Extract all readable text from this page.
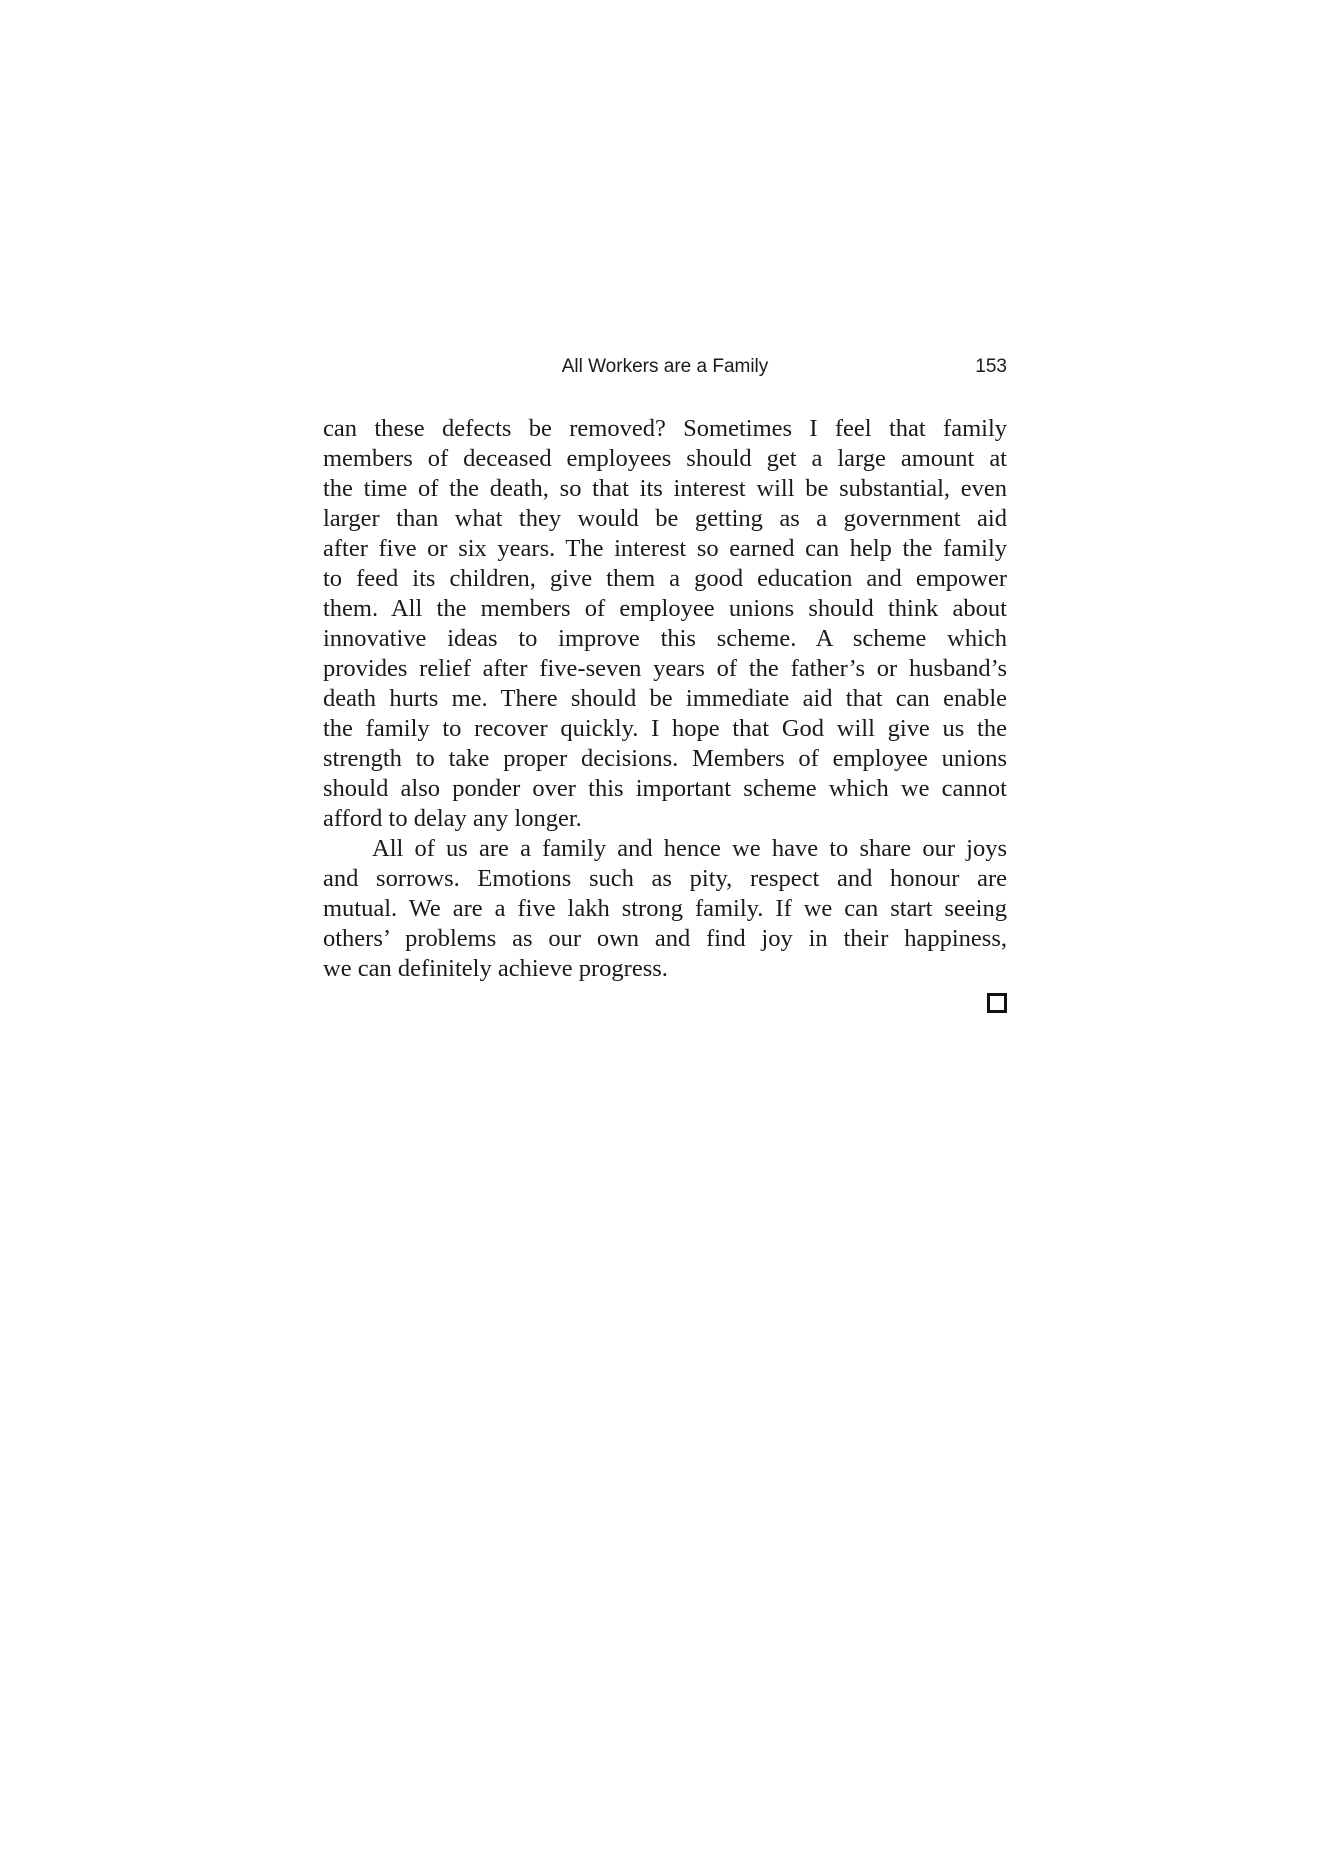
All Workers are a Family	153
can these defects be removed? Sometimes I feel that family
members of deceased employees should get a large amount at
the time of the death, so that its interest will be substantial, even
larger than what they would be getting as a government aid
after five or six years. The interest so earned can help the family
to feed its children, give them a good education and empower
them. All the members of employee unions should think about
innovative ideas to improve this scheme. A scheme which
provides relief after five-seven years of the father’s or husband’s
death hurts me. There should be immediate aid that can enable
the family to recover quickly. I hope that God will give us the
strength to take proper decisions. Members of employee unions
should also ponder over this important scheme which we cannot
afford to delay any longer.
All of us are a family and hence we have to share our joys
and sorrows. Emotions such as pity, respect and honour are
mutual. We are a five lakh strong family. If we can start seeing
others’ problems as our own and find joy in their happiness,
we can definitely achieve progress.
